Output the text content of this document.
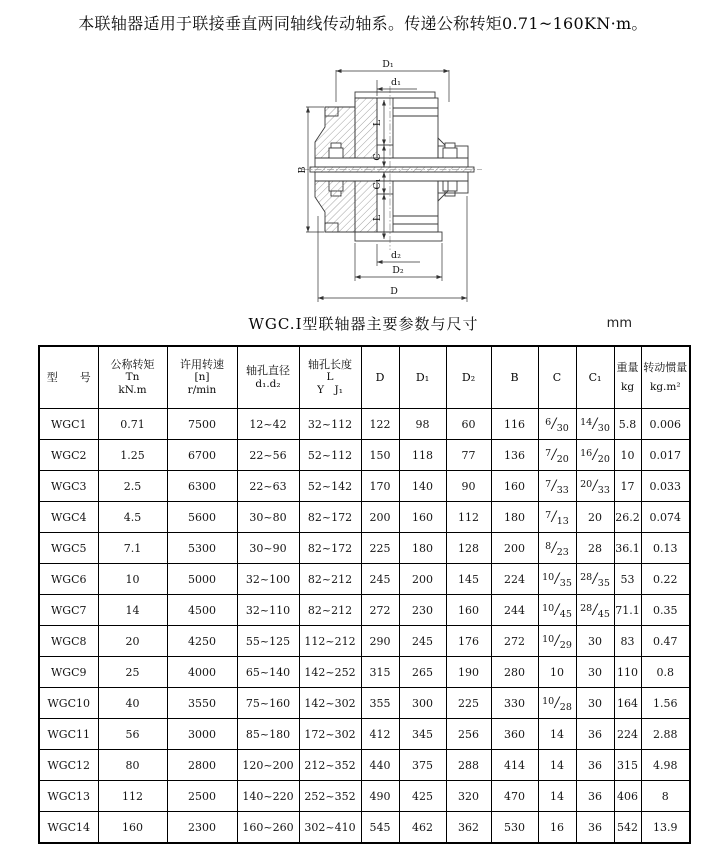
本联轴器适用于联接垂直两同轴线传动轴系。传递公称转矩0.71~160KN·m。

D₁
d₁
B
L
C
C₁
L
d₂
D₂
D
WGC.I型联轴器主要参数与尺寸	mm
型　　号

公称转矩
Tn
kN.m

许用转速
[n]
r/min

轴孔直径
d₁.d₂

轴孔长度
L
Y　J₁

D	D₁	D₂	B	C	C₁

重量
kg

转动惯量
kg.m²

WGC1	0.71	7500	12~42	32~112	122	98	60	116	6/30	14/30	5.8	0.006
WGC2	1.25	6700	22~56	52~112	150	118	77	136	7/20	16/20	10	0.017
WGC3	2.5	6300	22~63	52~142	170	140	90	160	7/33	20/33	17	0.033
WGC4	4.5	5600	30~80	82~172	200	160	112	180	7/13	20	26.2	0.074
WGC5	7.1	5300	30~90	82~172	225	180	128	200	8/23	28	36.1	0.13
WGC6	10	5000	32~100	82~212	245	200	145	224	10/35	28/35	53	0.22
WGC7	14	4500	32~110	82~212	272	230	160	244	10/45	28/45	71.1	0.35
WGC8	20	4250	55~125	112~212	290	245	176	272	10/29	30	83	0.47
WGC9	25	4000	65~140	142~252	315	265	190	280	10	30	110	0.8
WGC10	40	3550	75~160	142~302	355	300	225	330	10/28	30	164	1.56
WGC11	56	3000	85~180	172~302	412	345	256	360	14	36	224	2.88
WGC12	80	2800	120~200	212~352	440	375	288	414	14	36	315	4.98
WGC13	112	2500	140~220	252~352	490	425	320	470	14	36	406	8
WGC14	160	2300	160~260	302~410	545	462	362	530	16	36	542	13.9
